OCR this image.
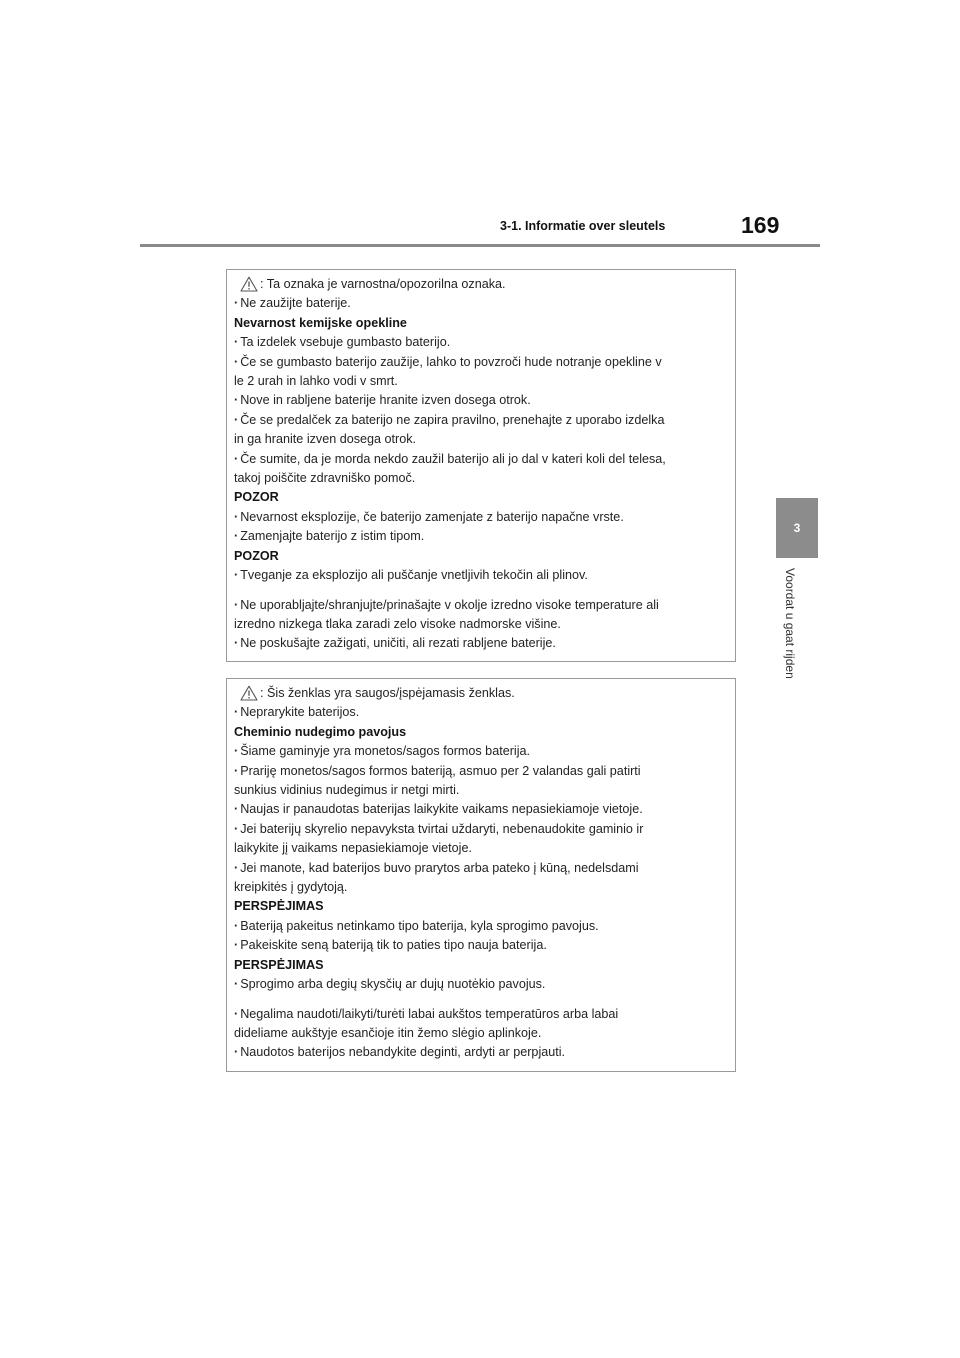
3-1. Informatie over sleutels	169
3
Voordat u gaat rijden
: Ta oznaka je varnostna/opozorilna oznaka.
· Ne zaužijte baterije.
Nevarnost kemijske opekline
· Ta izdelek vsebuje gumbasto baterijo.
· Če se gumbasto baterijo zaužije, lahko to povzroči hude notranje opekline v
le 2 urah in lahko vodi v smrt.
· Nove in rabljene baterije hranite izven dosega otrok.
· Če se predalček za baterijo ne zapira pravilno, prenehajte z uporabo izdelka
in ga hranite izven dosega otrok.
· Če sumite, da je morda nekdo zaužil baterijo ali jo dal v kateri koli del telesa,
takoj poiščite zdravniško pomoč.
POZOR
· Nevarnost eksplozije, če baterijo zamenjate z baterijo napačne vrste.
· Zamenjajte baterijo z istim tipom.
POZOR
· Tveganje za eksplozijo ali puščanje vnetljivih tekočin ali plinov.
· Ne uporabljajte/shranjujte/prinašajte v okolje izredno visoke temperature ali
izredno nizkega tlaka zaradi zelo visoke nadmorske višine.
· Ne poskušajte zažigati, uničiti, ali rezati rabljene baterije.
: Šis ženklas yra saugos/įspėjamasis ženklas.
· Neprarykite baterijos.
Cheminio nudegimo pavojus
· Šiame gaminyje yra monetos/sagos formos baterija.
· Prariję monetos/sagos formos bateriją, asmuo per 2 valandas gali patirti
sunkius vidinius nudegimus ir netgi mirti.
· Naujas ir panaudotas baterijas laikykite vaikams nepasiekiamoje vietoje.
· Jei baterijų skyrelio nepavyksta tvirtai uždaryti, nebenaudokite gaminio ir
laikykite jį vaikams nepasiekiamoje vietoje.
· Jei manote, kad baterijos buvo prarytos arba pateko į kūną, nedelsdami
kreipkitės į gydytoją.
PERSPĖJIMAS
· Bateriją pakeitus netinkamo tipo baterija, kyla sprogimo pavojus.
· Pakeiskite seną bateriją tik to paties tipo nauja baterija.
PERSPĖJIMAS
· Sprogimo arba degių skysčių ar dujų nuotėkio pavojus.
· Negalima naudoti/laikyti/turėti labai aukštos temperatūros arba labai
dideliame aukštyje esančioje itin žemo slėgio aplinkoje.
· Naudotos baterijos nebandykite deginti, ardyti ar perpjauti.
